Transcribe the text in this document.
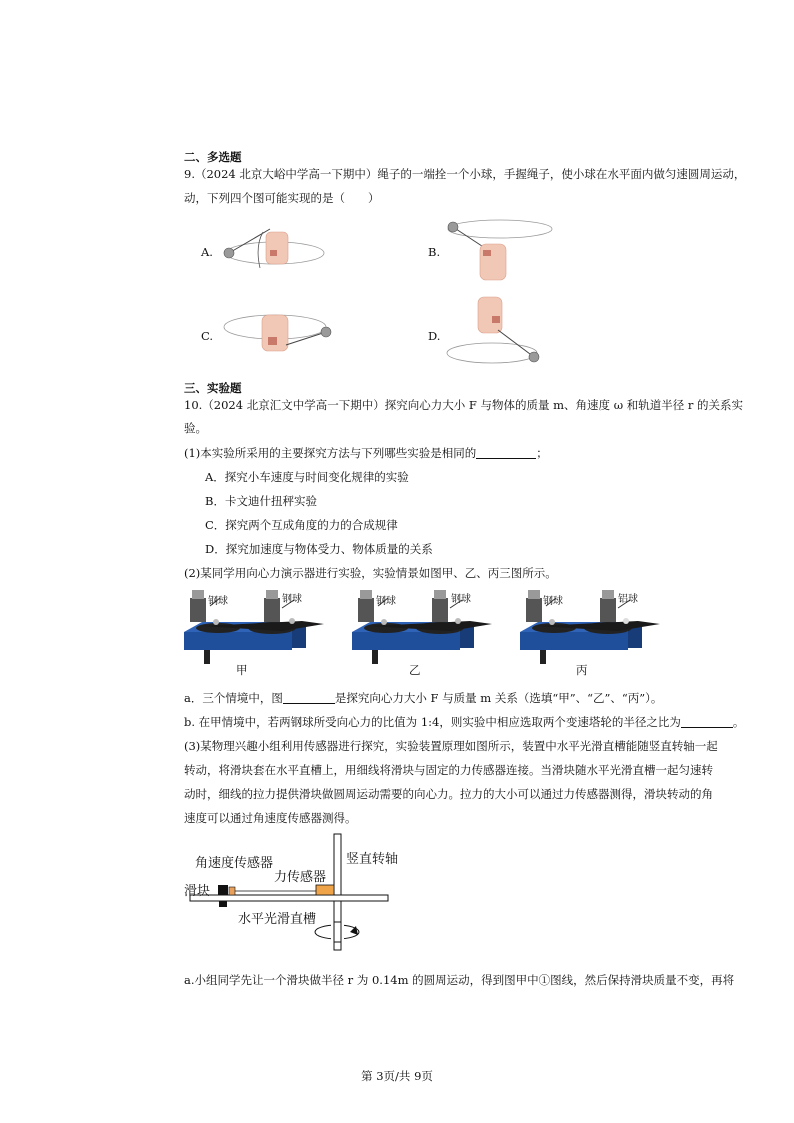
二、多选题
9.（2024 北京大峪中学高一下期中）绳子的一端拴一个小球，手握绳子，使小球在水平面内做匀速圆周运动，
动，下列四个图可能实现的是（　　）
A.	B.
C.	D.
三、实验题
10.（2024 北京汇文中学高一下期中）探究向心力大小 F 与物体的质量 m、角速度 ω 和轨道半径 r 的关系实
验。
(1)本实验所采用的主要探究方法与下列哪些实验是相同的	；
A．探究小车速度与时间变化规律的实验
B．卡文迪什扭秤实验
C．探究两个互成角度的力的合成规律
D．探究加速度与物体受力、物体质量的关系
(2)某同学用向心力演示器进行实验，实验情景如图甲、乙、丙三图所示。
钢球	钢球
甲
钢球	钢球
乙
钢球	铝球
丙
a．三个情境中，图	是探究向心力大小 F 与质量 m 关系（选填“甲”、“乙”、“丙”）。
b. 在甲情境中，若两钢球所受向心力的比值为 1:4，则实验中相应选取两个变速塔轮的半径之比为	。
(3)某物理兴趣小组利用传感器进行探究，实验装置原理如图所示，装置中水平光滑直槽能随竖直转轴一起
转动，将滑块套在水平直槽上，用细线将滑块与固定的力传感器连接。当滑块随水平光滑直槽一起匀速转
动时，细线的拉力提供滑块做圆周运动需要的向心力。拉力的大小可以通过力传感器测得，滑块转动的角
速度可以通过角速度传感器测得。
角速度传感器
力传感器
竖直转轴
滑块
水平光滑直槽
a.小组同学先让一个滑块做半径 r 为 0.14m 的圆周运动，得到图甲中①图线，然后保持滑块质量不变，再将
第 3页/共 9页
